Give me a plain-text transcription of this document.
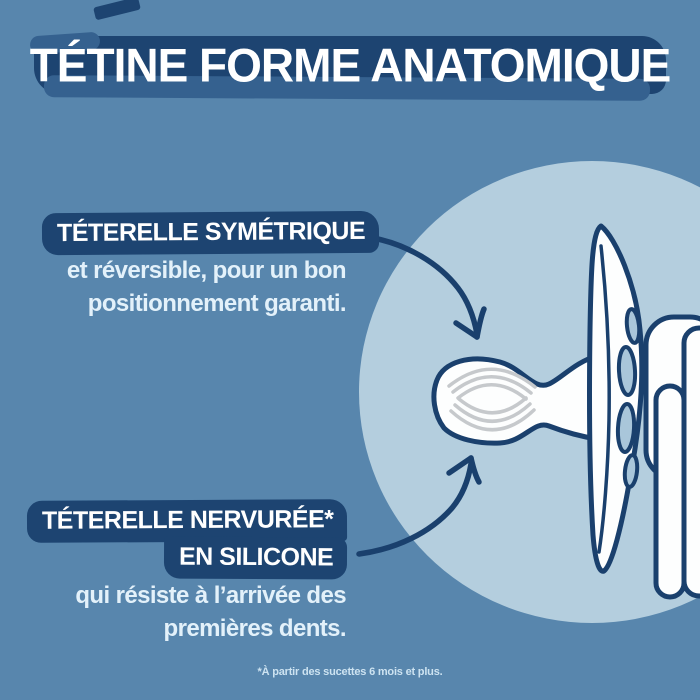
TÉTINE FORME ANATOMIQUE
TÉTERELLE SYMÉTRIQUE
et réversible, pour un bon
positionnement garanti.
TÉTERELLE NERVURÉE*
EN SILICONE
qui résiste à l’arrivée des
premières dents.
*À partir des sucettes 6 mois et plus.
